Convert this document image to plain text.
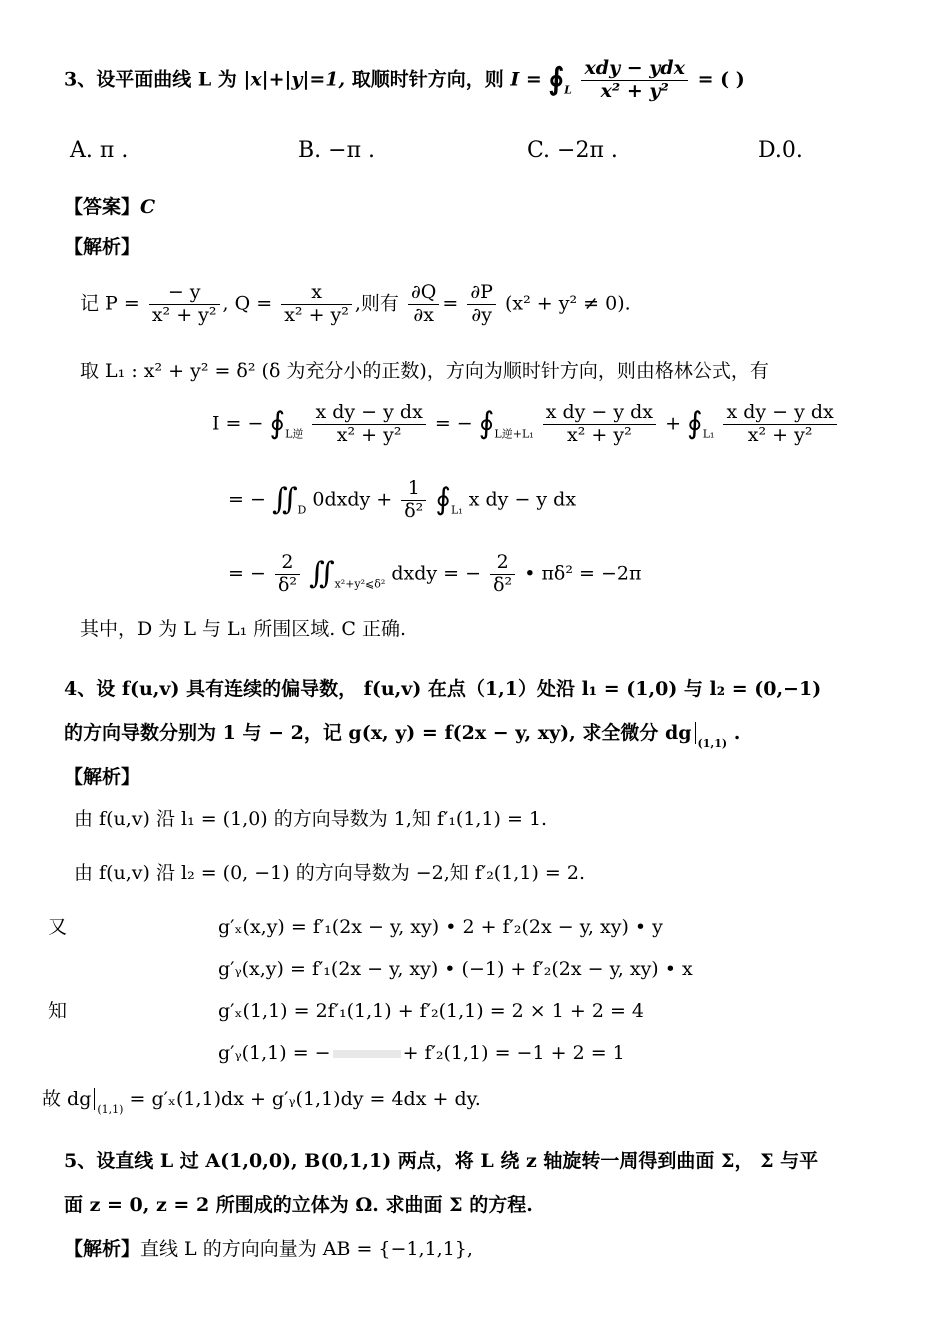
3、设平面曲线 L 为 |x|+|y|=1, 取顺时针方向，则 $I = ∮_L \frac{\text{xdy − ydx}}{\text{x² + y²}}$ = ( )
A. π .	B. −π .	C. −2π .	D.0.
【答案】C
【解析】
记 $P = \frac{- y}{\text{x² + y²}}$ , $Q = \frac{x}{\text{x² + y²}}$ ,则有 $\frac{\partial Q}{\partial x} = \frac{\partial P}{\partial y} (x^2 + y^2 \ne 0)$.
取 L₁ : x² + y² = δ² (δ 为充分小的正数)，方向为顺时针方向，则由格林公式，有
I = − $∮_{L逆} \frac{\text{x dy − y dx}}{\text{x² + y²}}$ = − $∮_{L逆+L_1} \frac{\text{x dy − y dx}}{\text{x² + y²}}$ + $∮_{L_1} \frac{\text{x dy − y dx}}{\text{x² + y²}}$
= − $∬_D$ 0dxdy + $\frac{1}{\text{δ²}}$ $∮_{L_1}$ x dy − y dx
= − $\frac{2}{\text{δ²}}$ $∬_{x^2+y^2⩽\delta^2}$ dxdy = − $\frac{2}{\text{δ²}}$ • πδ² = −2π
其中，D 为 L 与 L₁ 所围区域. C 正确.
4、设 f(u,v) 具有连续的偏导数， f(u,v) 在点（1,1）处沿 l₁ = (1,0) 与 l₂ = (0,−1)
的方向导数分别为 1 与 − 2，记 g(x, y) = f(2x − y, xy), 求全微分 dg $_{(1,1)}$ .
【解析】
由 f(u,v) 沿 l₁ = (1,0) 的方向导数为 1,知 f′₁(1,1) = 1.
由 f(u,v) 沿 l₂ = (0, −1) 的方向导数为 −2,知 f′₂(1,1) = 2.
又	g′ₓ(x,y) = f′₁(2x − y, xy) • 2 + f′₂(2x − y, xy) • y
g′ᵧ(x,y) = f′₁(2x − y, xy) • (−1) + f′₂(2x − y, xy) • x
知	g′ₓ(1,1) = 2f′₁(1,1) + f′₂(1,1) = 2 × 1 + 2 = 4
g′ᵧ(1,1) = −	+ f′₂(1,1) = −1 + 2 = 1
故 dg $_{(1,1)}$ = g′ₓ(1,1)dx + g′ᵧ(1,1)dy = 4dx + dy.
5、设直线 L 过 A(1,0,0), B(0,1,1) 两点，将 L 绕 z 轴旋转一周得到曲面 Σ， Σ 与平
面 z = 0, z = 2 所围成的立体为 Ω. 求曲面 Σ 的方程.
【解析】直线 L 的方向向量为 AB = {−1,1,1},
